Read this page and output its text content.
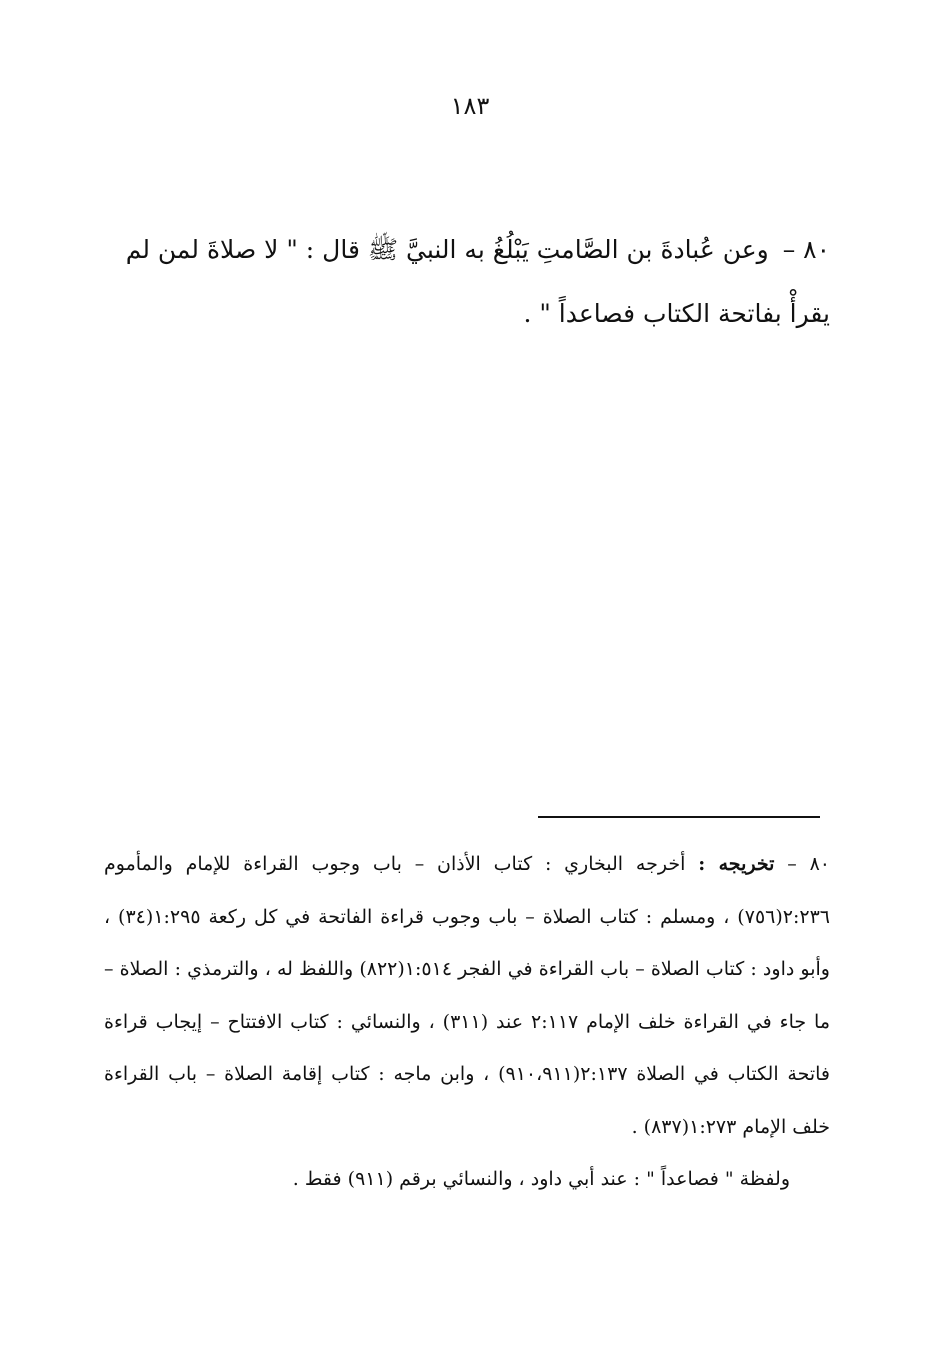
١٨٣

٨٠ – وعن عُبادةَ بن الصَّامتِ يَبْلُغُ به النبيَّ ﷺ قال : " لا صلاةَ لمن لم يقرأْ بفاتحة الكتاب فصاعداً " .

٨٠ – تخريجه : أخرجه البخاري : كتاب الأذان – باب وجوب القراءة للإمام والمأموم ٢:٢٣٦(٧٥٦) ، ومسلم : كتاب الصلاة – باب وجوب قراءة الفاتحة في كل ركعة ١:٢٩٥(٣٤) ، وأبو داود : كتاب الصلاة – باب القراءة في الفجر ١:٥١٤(٨٢٢) واللفظ له ، والترمذي : الصلاة – ما جاء في القراءة خلف الإمام ٢:١١٧ عند (٣١١) ، والنسائي : كتاب الافتتاح – إيجاب قراءة فاتحة الكتاب في الصلاة ٢:١٣٧(٩١٠،٩١١) ، وابن ماجه : كتاب إقامة الصلاة – باب القراءة خلف الإمام ١:٢٧٣(٨٣٧) .

ولفظة " فصاعداً " : عند أبي داود ، والنسائي برقم (٩١١) فقط .
